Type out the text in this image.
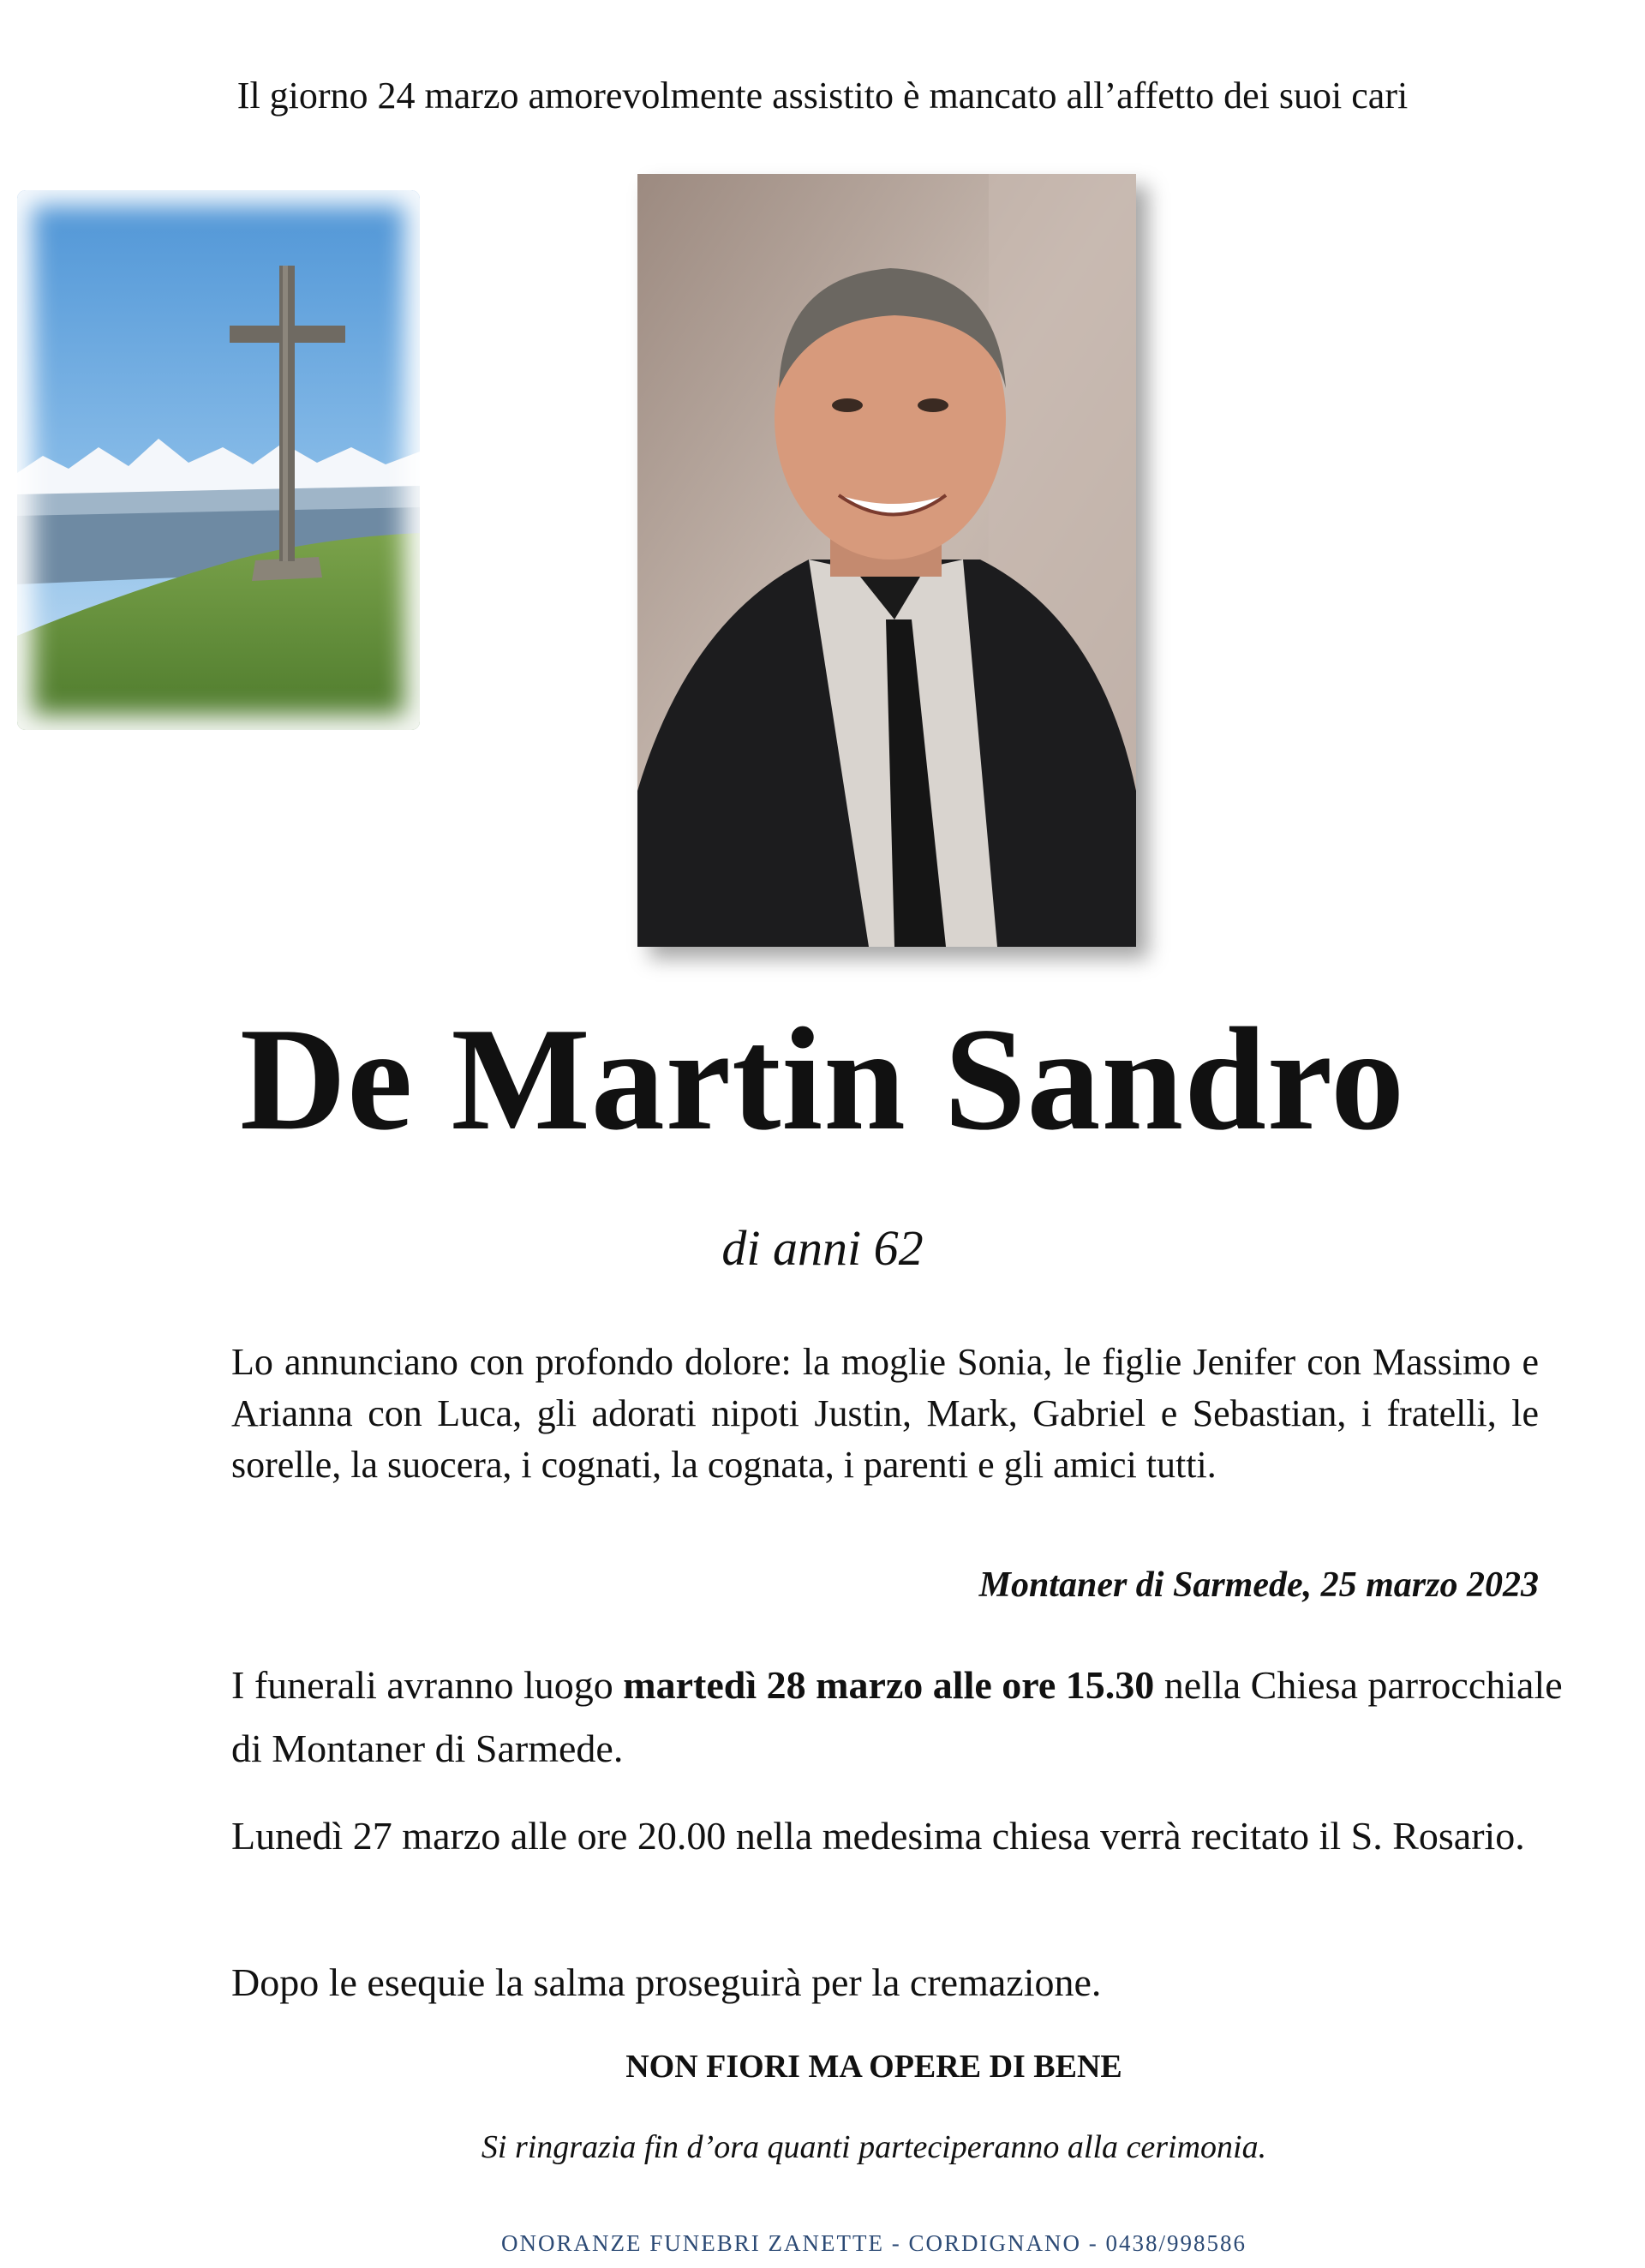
Il giorno 24 marzo amorevolmente assistito è mancato all’affetto dei suoi cari
De Martin Sandro
di anni 62
Lo annunciano con profondo dolore: la moglie Sonia, le figlie Jenifer con Massimo e Arianna con Luca, gli adorati nipoti Justin, Mark, Gabriel e Sebastian, i fratelli, le sorelle, la suocera, i cognati, la cognata, i parenti e gli amici tutti.
Montaner di Sarmede, 25 marzo 2023
I funerali avranno luogo martedì 28 marzo alle ore 15.30 nella Chiesa parrocchiale di Montaner di Sarmede.
Lunedì 27 marzo alle ore 20.00 nella medesima chiesa verrà recitato il S. Rosario.
Dopo le esequie la salma proseguirà per la cremazione.
NON FIORI MA OPERE DI BENE
Si ringrazia fin d’ora quanti parteciperanno alla cerimonia.
ONORANZE FUNEBRI ZANETTE - CORDIGNANO - 0438/998586
